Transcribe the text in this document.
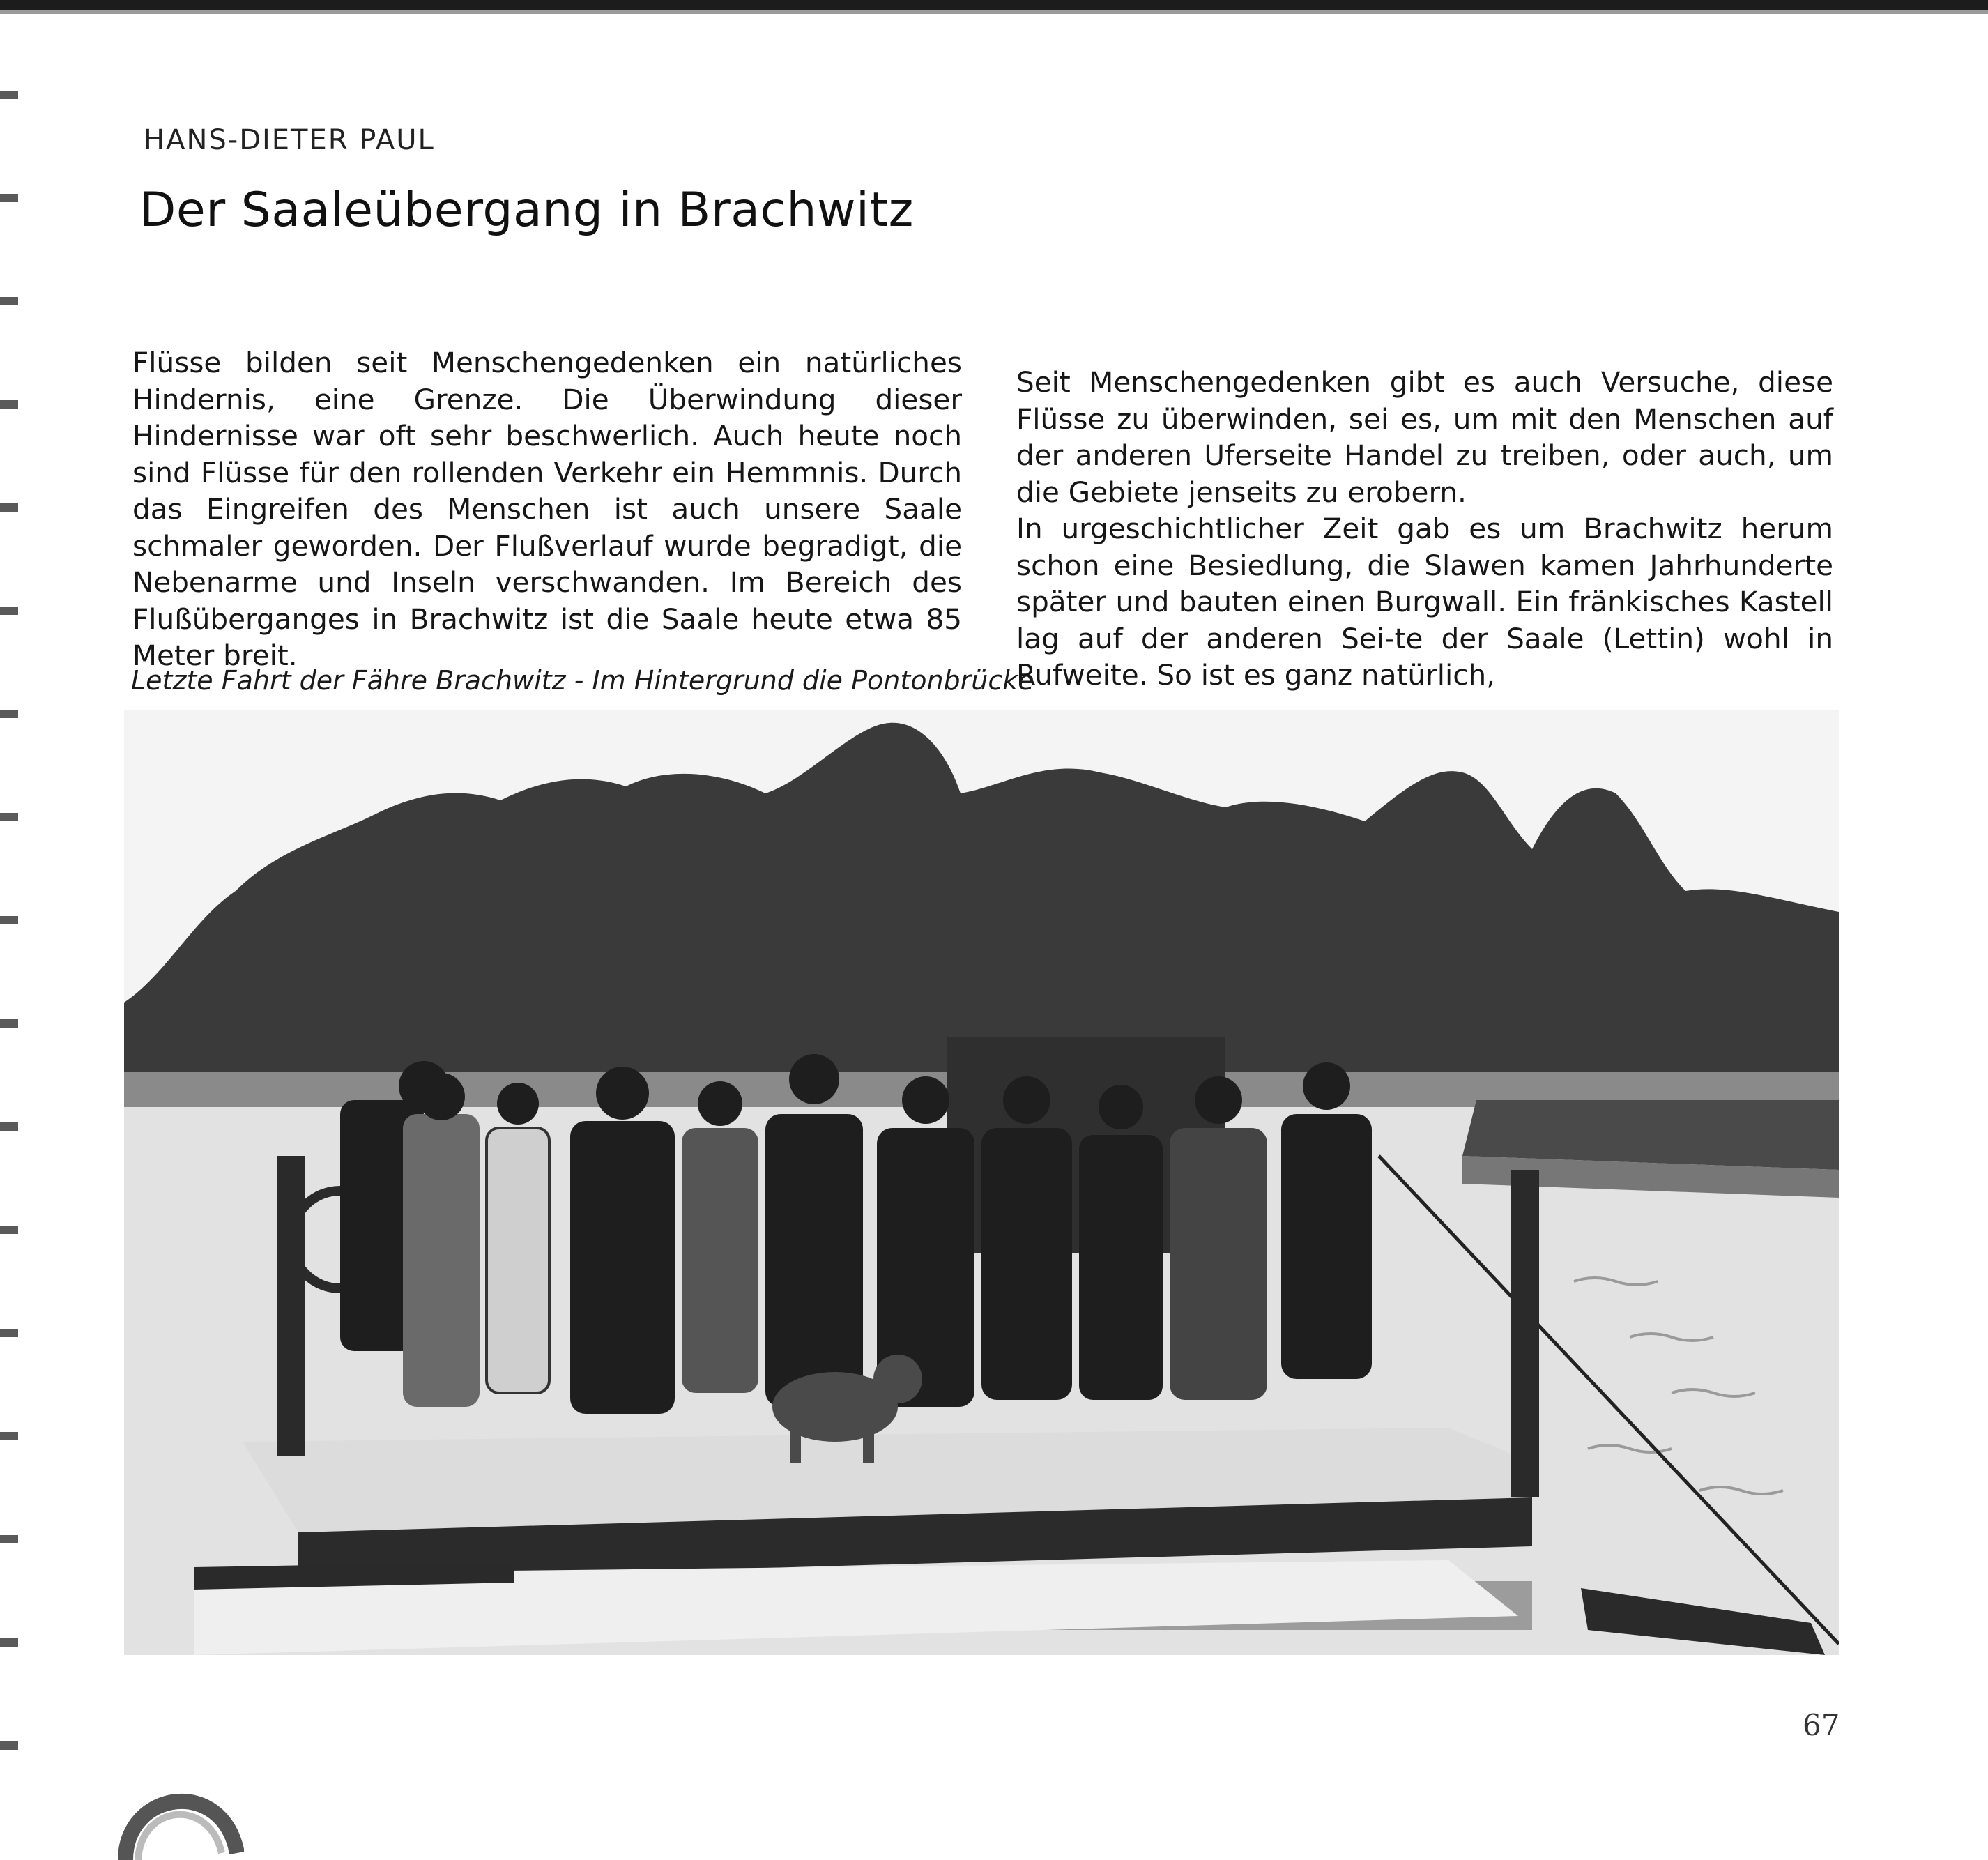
HANS-DIETER PAUL
Der Saaleübergang in Brachwitz

Flüsse bilden seit Menschengedenken ein natürliches Hindernis, eine Grenze. Die Überwindung dieser Hindernisse war oft sehr beschwerlich. Auch heute noch sind Flüsse für den rollenden Verkehr ein Hemmnis. Durch das Eingreifen des Menschen ist auch unsere Saale schmaler geworden. Der Flußverlauf wurde begradigt, die Nebenarme und Inseln verschwanden. Im Bereich des Flußüberganges in Brachwitz ist die Saale heute etwa 85 Meter breit.

Seit Menschengedenken gibt es auch Versuche, diese Flüsse zu überwinden, sei es, um mit den Menschen auf der anderen Uferseite Handel zu treiben, oder auch, um die Gebiete jenseits zu erobern.

In urgeschichtlicher Zeit gab es um Brachwitz herum schon eine Besiedlung, die Slawen kamen Jahrhunderte später und bauten einen Burgwall. Ein fränkisches Kastell lag auf der anderen Sei-te der Saale (Lettin) wohl in Rufweite. So ist es ganz natürlich,

Letzte Fahrt der Fähre Brachwitz - Im Hintergrund die Pontonbrücke
67
